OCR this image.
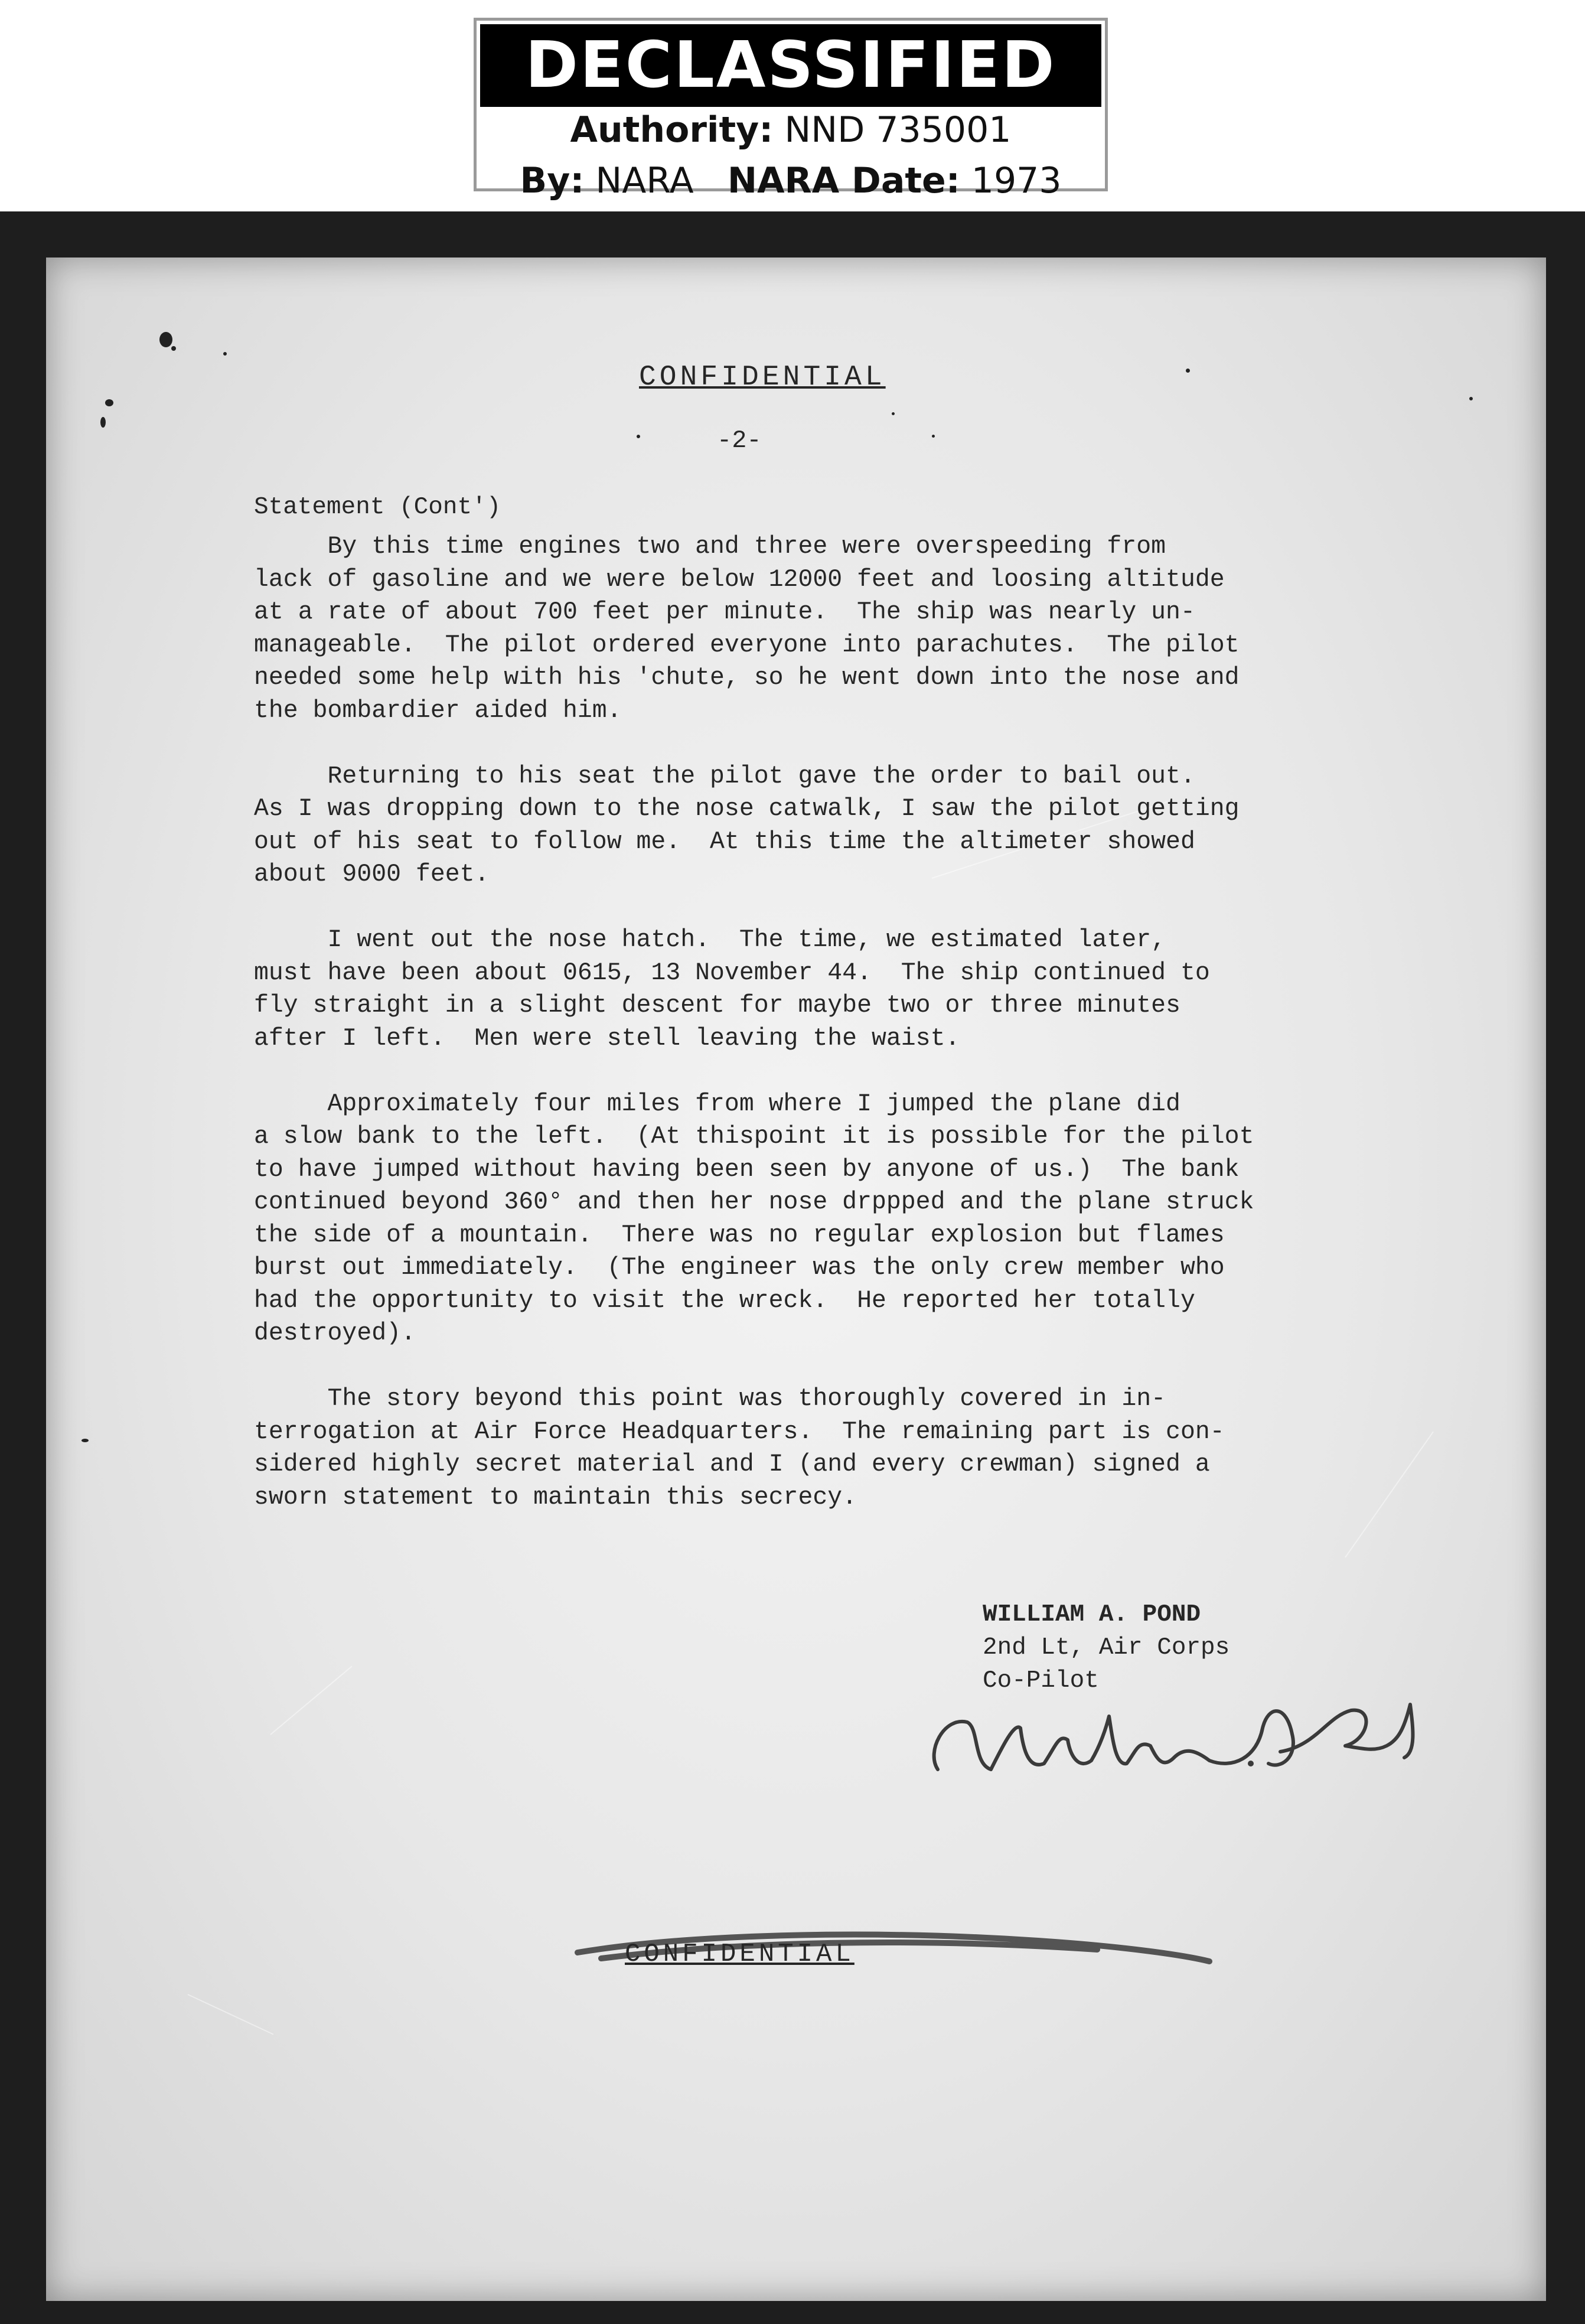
DECLASSIFIED
Authority: NND 735001
By: NARA NARA Date: 1973
CONFIDENTIAL
-2-
Statement (Cont')
By this time engines two and three were overspeeding from
lack of gasoline and we were below 12000 feet and loosing altitude
at a rate of about 700 feet per minute.  The ship was nearly un-
manageable.  The pilot ordered everyone into parachutes.  The pilot
needed some help with his 'chute, so he went down into the nose and
the bombardier aided him.
Returning to his seat the pilot gave the order to bail out.
As I was dropping down to the nose catwalk, I saw the pilot getting
out of his seat to follow me.  At this time the altimeter showed
about 9000 feet.
I went out the nose hatch.  The time, we estimated later,
must have been about 0615, 13 November 44.  The ship continued to
fly straight in a slight descent for maybe two or three minutes
after I left.  Men were stell leaving the waist.
Approximately four miles from where I jumped the plane did
a slow bank to the left.  (At thispoint it is possible for the pilot
to have jumped without having been seen by anyone of us.)  The bank
continued beyond 360° and then her nose drppped and the plane struck
the side of a mountain.  There was no regular explosion but flames
burst out immediately.  (The engineer was the only crew member who
had the opportunity to visit the wreck.  He reported her totally
destroyed).
The story beyond this point was thoroughly covered in in-
terrogation at Air Force Headquarters.  The remaining part is con-
sidered highly secret material and I (and every crewman) signed a
sworn statement to maintain this secrecy.
WILLIAM A. POND
2nd Lt, Air Corps
Co-Pilot
CONFIDENTIAL
